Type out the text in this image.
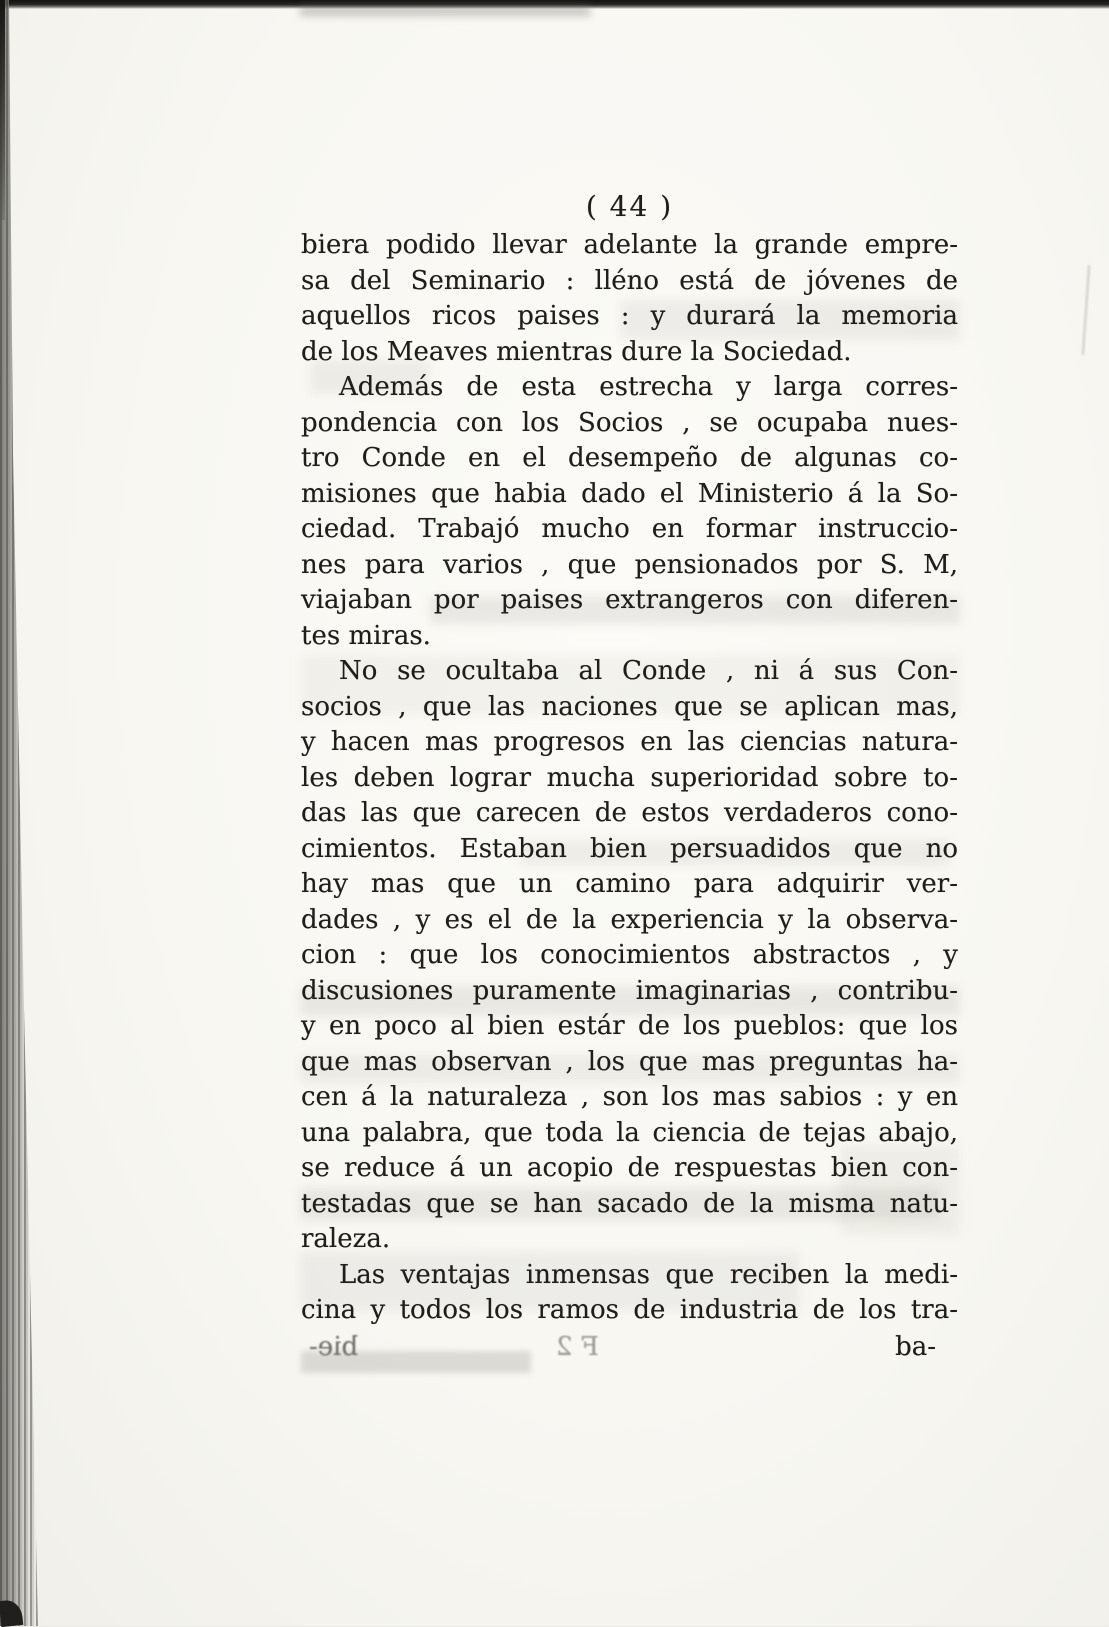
( 44 )
biera podido llevar adelante la grande empre-
sa del Seminario : lléno está de jóvenes de
aquellos ricos paises : y durará la memoria
de los Meaves mientras dure la Sociedad.
Además de esta estrecha y larga corres-
pondencia con los Socios , se ocupaba nues-
tro Conde en el desempeño de algunas co-
misiones que habia dado el Ministerio á la So-
ciedad. Trabajó mucho en formar instruccio-
nes para varios , que pensionados por S. M,
viajaban por paises extrangeros con diferen-
tes miras.
No se ocultaba al Conde , ni á sus Con-
socios , que las naciones que se aplican mas,
y hacen mas progresos en las ciencias natura-
les deben lograr mucha superioridad sobre to-
das las que carecen de estos verdaderos cono-
cimientos. Estaban bien persuadidos que no
hay mas que un camino para adquirir ver-
dades , y es el de la experiencia y la observa-
cion : que los conocimientos abstractos , y
discusiones puramente imaginarias , contribu-
y en poco al bien estár de los pueblos: que los
que mas observan , los que mas preguntas ha-
cen á la naturaleza , son los mas sabios : y en
una palabra, que toda la ciencia de tejas abajo,
se reduce á un acopio de respuestas bien con-
testadas que se han sacado de la misma natu-
raleza.
Las ventajas inmensas que reciben la medi-
cina y todos los ramos de industria de los tra-
bie-	F 2	ba-
